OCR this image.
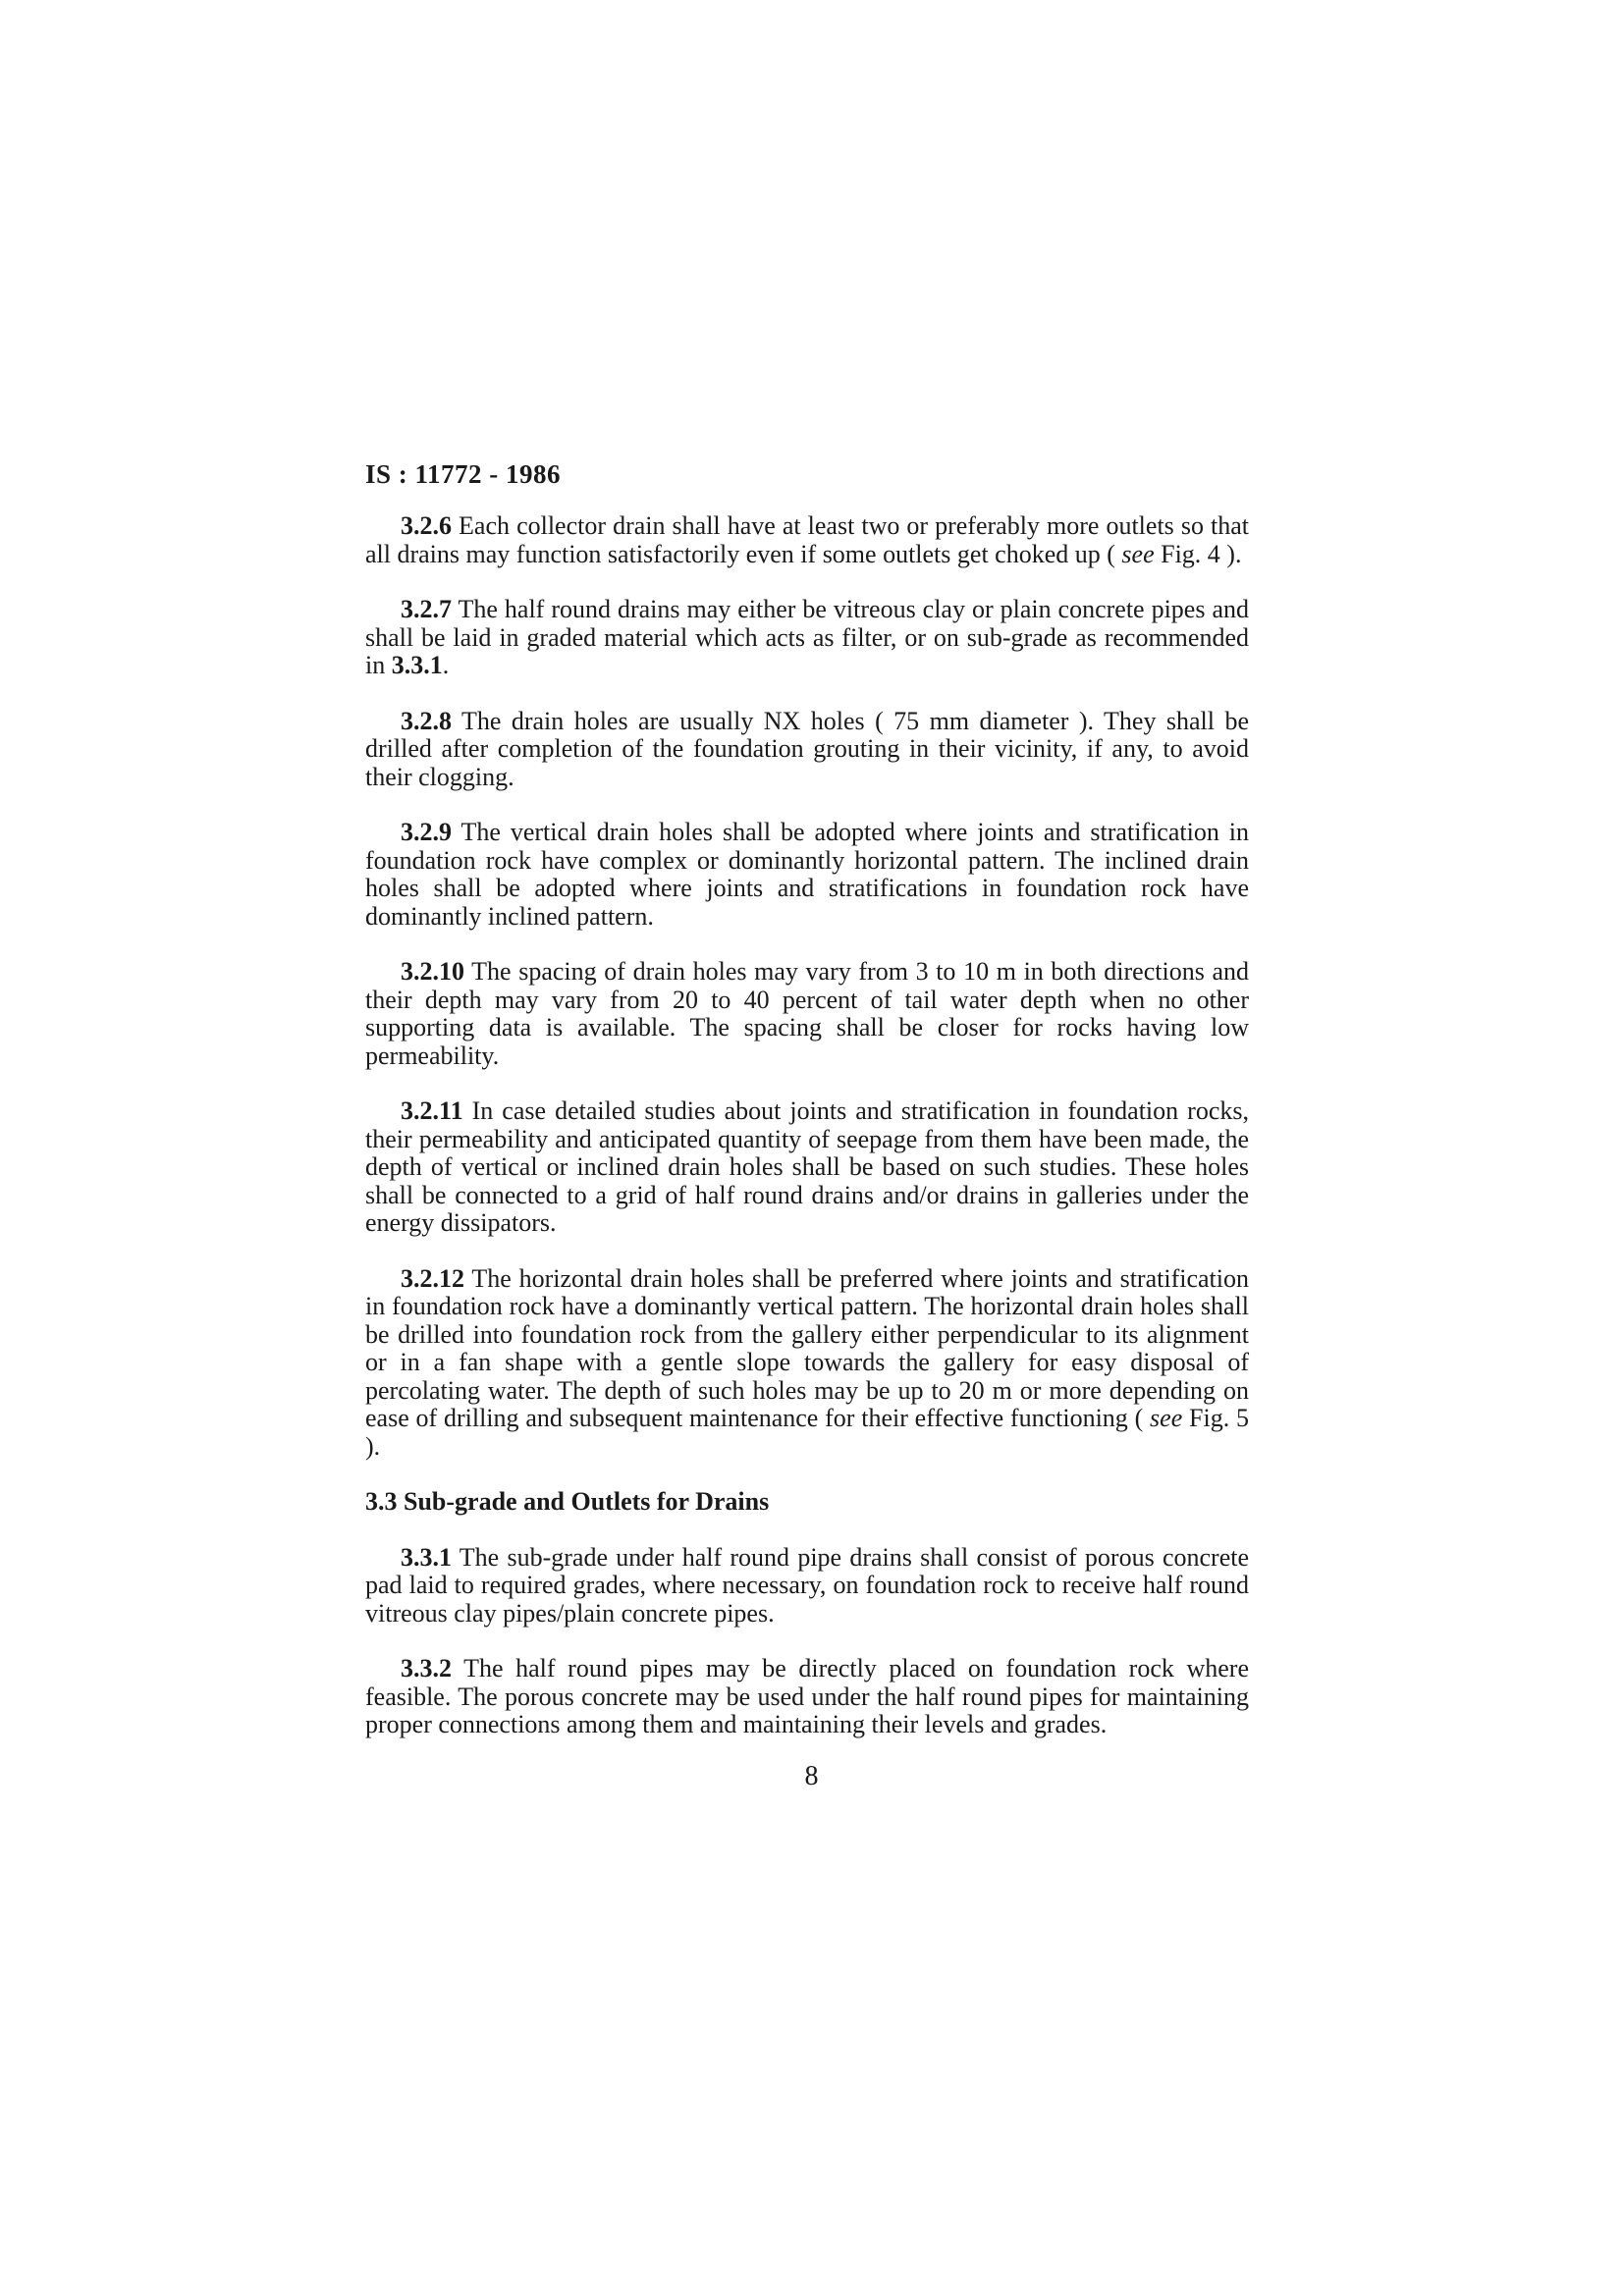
IS : 11772 - 1986

3.2.6 Each collector drain shall have at least two or preferably more outlets so that all drains may function satisfactorily even if some outlets get choked up ( see Fig. 4 ).

3.2.7 The half round drains may either be vitreous clay or plain concrete pipes and shall be laid in graded material which acts as filter, or on sub-grade as recommended in 3.3.1.

3.2.8 The drain holes are usually NX holes ( 75 mm diameter ). They shall be drilled after completion of the foundation grouting in their vicinity, if any, to avoid their clogging.

3.2.9 The vertical drain holes shall be adopted where joints and stratification in foundation rock have complex or dominantly horizontal pattern. The inclined drain holes shall be adopted where joints and stratifications in foundation rock have dominantly inclined pattern.

3.2.10 The spacing of drain holes may vary from 3 to 10 m in both directions and their depth may vary from 20 to 40 percent of tail water depth when no other supporting data is available. The spacing shall be closer for rocks having low permeability.

3.2.11 In case detailed studies about joints and stratification in foundation rocks, their permeability and anticipated quantity of seepage from them have been made, the depth of vertical or inclined drain holes shall be based on such studies. These holes shall be connected to a grid of half round drains and/or drains in galleries under the energy dissipators.

3.2.12 The horizontal drain holes shall be preferred where joints and stratification in foundation rock have a dominantly vertical pattern. The horizontal drain holes shall be drilled into foundation rock from the gallery either perpendicular to its alignment or in a fan shape with a gentle slope towards the gallery for easy disposal of percolating water. The depth of such holes may be up to 20 m or more depending on ease of drilling and subsequent maintenance for their effective functioning ( see Fig. 5 ).

3.3 Sub-grade and Outlets for Drains

3.3.1 The sub-grade under half round pipe drains shall consist of porous concrete pad laid to required grades, where necessary, on foundation rock to receive half round vitreous clay pipes/plain concrete pipes.

3.3.2 The half round pipes may be directly placed on foundation rock where feasible. The porous concrete may be used under the half round pipes for maintaining proper connections among them and maintaining their levels and grades.

8
